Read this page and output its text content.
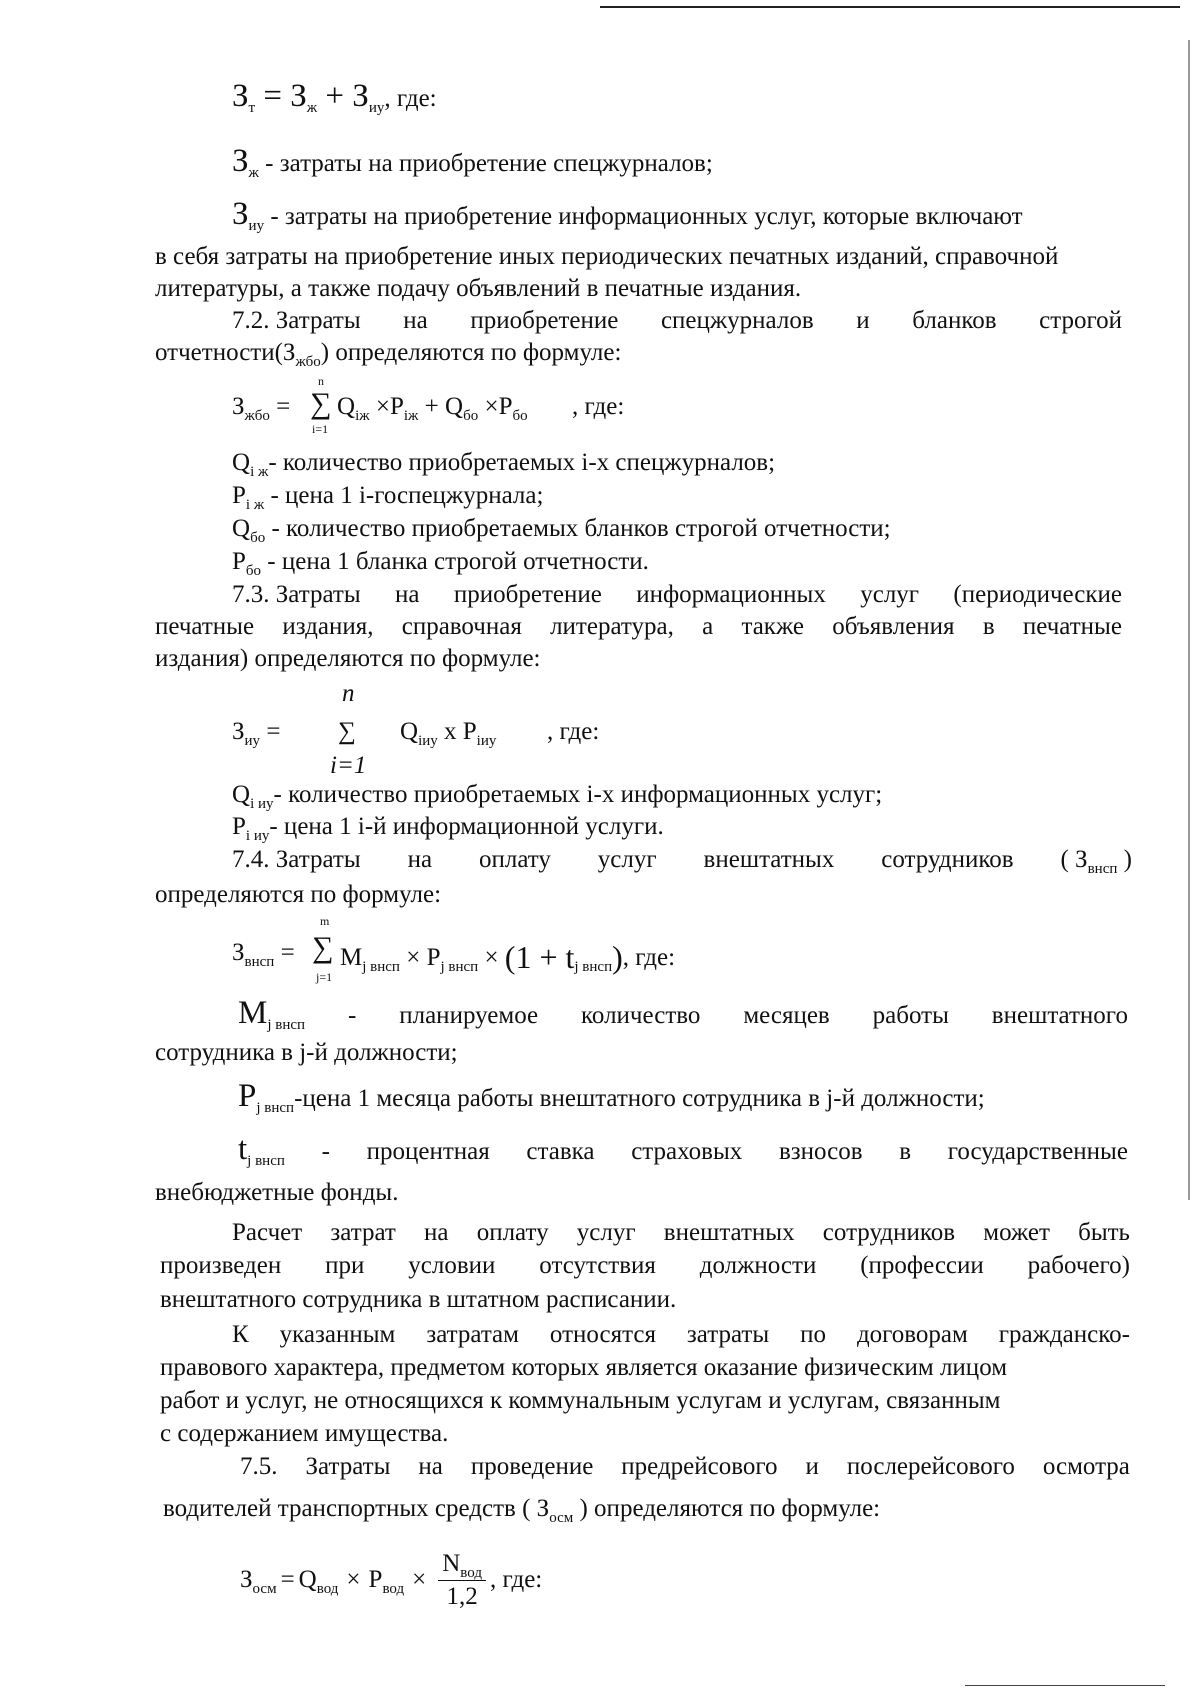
$З_т = З_ж + З_{иу}$, где:
$З_ж$ - затраты на приобретение спецжурналов;
$З_{иу}$ - затраты на приобретение информационных услуг, которые включают
в себя затраты на приобретение иных периодических печатных изданий, справочной
литературы, а также подачу объявлений в печатные издания.
7.2. Затраты на приобретение спецжурналов и бланков строгой
$отчетности(З_{жбо})$ определяются по формуле:
$З_{жбо}$ =
n
∑
i=1
$Q_{iж} \times P_{iж} + Q_{бо} \times P_{бо}$ , где:
$Q_{i ж}-$ количество приобретаемых i-х спецжурналов;
$P_{i ж}$ - цена 1 i-госпецжурнала;
$Q_{бо}$ - количество приобретаемых бланков строгой отчетности;
$P_{бо}$ - цена 1 бланка строгой отчетности.
7.3. Затраты на приобретение информационных услуг (периодические
печатные издания, справочная литература, а также объявления в печатные
издания) определяются по формуле:
$З_{иу}$ =
n
∑
i=1
$Q_{iиу}$ x $P_{iиу}$ , где:
$Q_{i иу}-$ количество приобретаемых i-х информационных услуг;
$P_{i иу}-$ цена 1 i-й информационной услуги.
7.4. Затраты на оплату услуг внештатных сотрудников ( $З_{внсп}$ )
определяются по формуле:
$З_{внсп}$ =
m
∑
j=1
$M_{j внсп} \times P_{j внсп} \times (1 + t_{j внсп})$, где:
$M_{j внсп}$ - планируемое количество месяцев работы внештатного
сотрудника в j-й должности;
$P_{j внсп}$-цена 1 месяца работы внештатного сотрудника в j-й должности;
$t_{j внсп}$ - процентная ставка страховых взносов в государственные
внебюджетные фонды.
Расчет затрат на оплату услуг внештатных сотрудников может быть
произведен при условии отсутствия должности (профессии рабочего)
внештатного сотрудника в штатном расписании.
К указанным затратам относятся затраты по договорам гражданско-
правового характера, предметом которых является оказание физическим лицом
работ и услуг, не относящихся к коммунальным услугам и услугам, связанным
с содержанием имущества.
7.5. Затраты на проведение предрейсового и послерейсового осмотра
водителей транспортных средств ( $З_{осм}$ ) определяются по формуле:
$З_{осм} = Q_{вод} \times P_{вод} \times \frac{N_{вод}}{1,2}$ , где:
